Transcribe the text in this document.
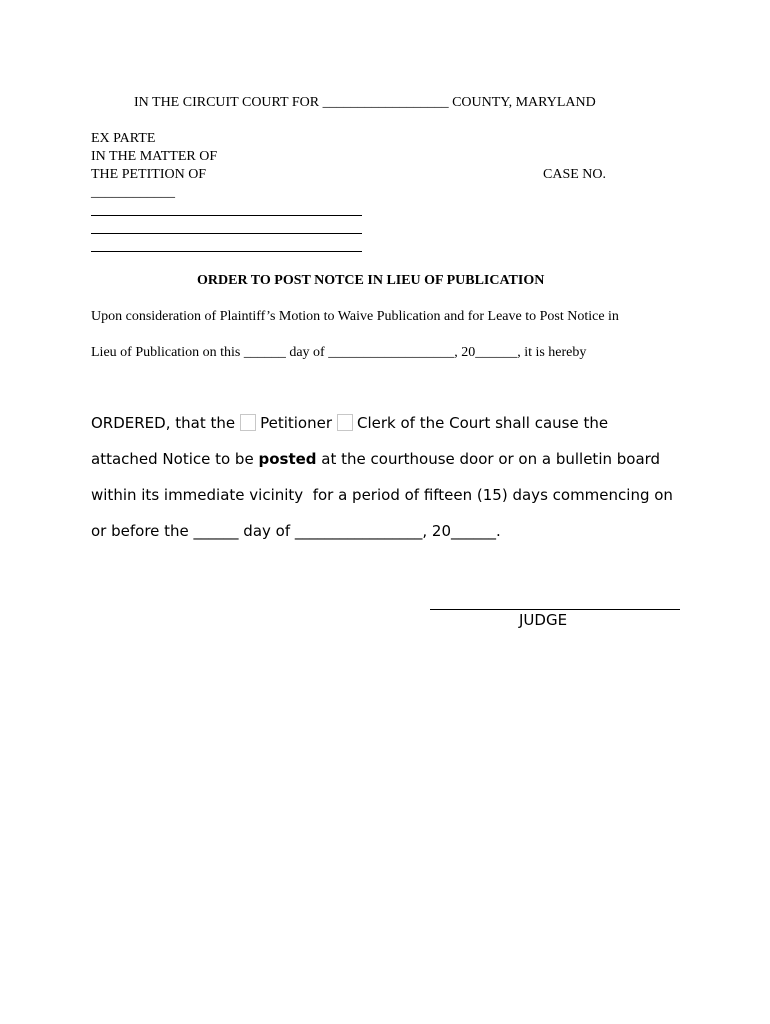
IN THE CIRCUIT COURT FOR __________________ COUNTY, MARYLAND
EX PARTE
IN THE MATTER OF
THE PETITION OF	CASE NO.
____________
ORDER TO POST NOTCE IN LIEU OF PUBLICATION
Upon consideration of Plaintiff’s Motion to Waive Publication and for Leave to Post Notice in
Lieu of Publication on this ______ day of __________________, 20______, it is hereby
ORDERED, that the Petitioner Clerk of the Court shall cause the
attached Notice to be posted at the courthouse door or on a bulletin board
within its immediate vicinity  for a period of fifteen (15) days commencing on
or before the ______ day of _________________, 20______.
JUDGE
